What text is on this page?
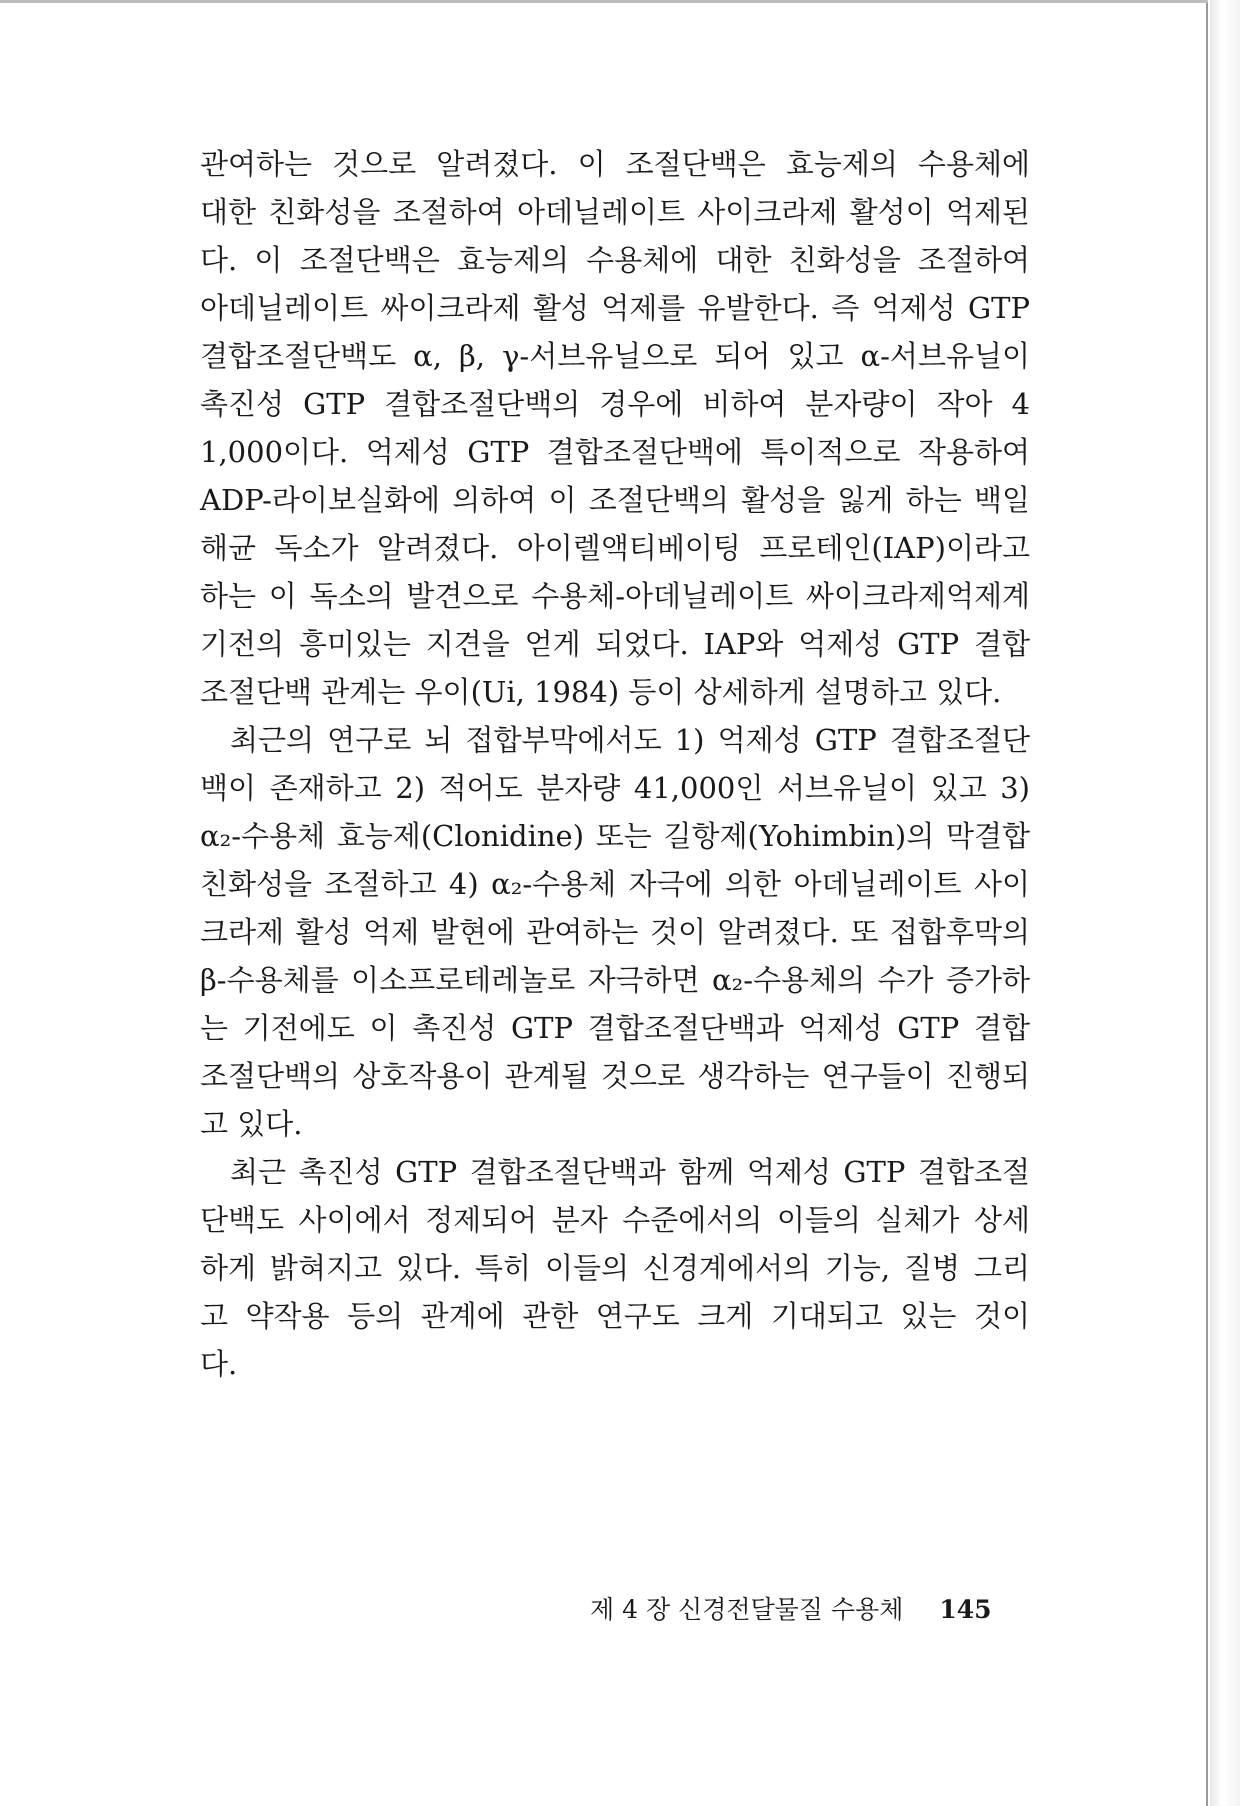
관여하는 것으로 알려졌다. 이 조절단백은 효능제의 수용체에
대한 친화성을 조절하여 아데닐레이트 사이크라제 활성이 억제된
다. 이 조절단백은 효능제의 수용체에 대한 친화성을 조절하여
아데닐레이트 싸이크라제 활성 억제를 유발한다. 즉 억제성 GTP
결합조절단백도 α, β, γ-서브유닐으로 되어 있고 α-서브유닐이
촉진성 GTP 결합조절단백의 경우에 비하여 분자량이 작아 4
1,000이다. 억제성 GTP 결합조절단백에 특이적으로 작용하여
ADP-라이보실화에 의하여 이 조절단백의 활성을 잃게 하는 백일
해균 독소가 알려졌다. 아이렐액티베이팅 프로테인(IAP)이라고
하는 이 독소의 발견으로 수용체-아데닐레이트 싸이크라제억제계
기전의 흥미있는 지견을 얻게 되었다. IAP와 억제성 GTP 결합
조절단백 관계는 우이(Ui, 1984) 등이 상세하게 설명하고 있다.
최근의 연구로 뇌 접합부막에서도 1) 억제성 GTP 결합조절단
백이 존재하고 2) 적어도 분자량 41,000인 서브유닐이 있고 3)
α₂-수용체 효능제(Clonidine) 또는 길항제(Yohimbin)의 막결합
친화성을 조절하고 4) α₂-수용체 자극에 의한 아데닐레이트 사이
크라제 활성 억제 발현에 관여하는 것이 알려졌다. 또 접합후막의
β-수용체를 이소프로테레놀로 자극하면 α₂-수용체의 수가 증가하
는 기전에도 이 촉진성 GTP 결합조절단백과 억제성 GTP 결합
조절단백의 상호작용이 관계될 것으로 생각하는 연구들이 진행되
고 있다.
최근 촉진성 GTP 결합조절단백과 함께 억제성 GTP 결합조절
단백도 사이에서 정제되어 분자 수준에서의 이들의 실체가 상세
하게 밝혀지고 있다. 특히 이들의 신경계에서의 기능, 질병 그리
고 약작용 등의 관계에 관한 연구도 크게 기대되고 있는 것이
다.
제 4 장 신경전달물질 수용체 145
